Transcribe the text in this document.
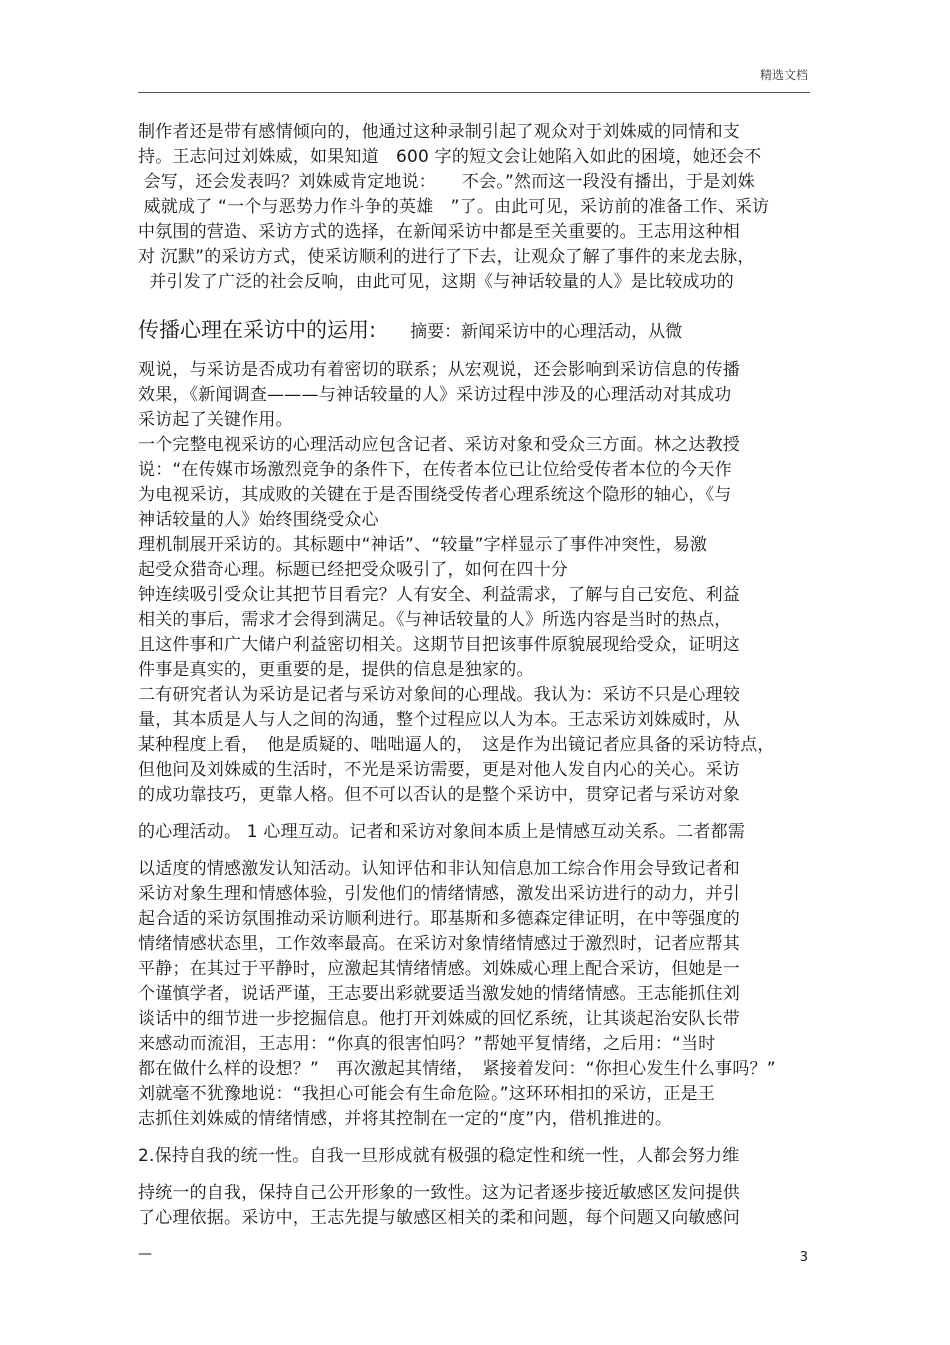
精选文档
制作者还是带有感情倾向的，他通过这种录制引起了观众对于刘姝威的同情和支
持。王志问过刘姝威，如果知道　600 字的短文会让她陷入如此的困境，她还会不
会写，还会发表吗？刘姝威肯定地说：　　不会。”然而这一段没有播出，于是刘姝
威就成了 “一个与恶势力作斗争的英雄　”了。由此可见，采访前的准备工作、采访
中氛围的营造、采访方式的选择，在新闻采访中都是至关重要的。王志用这种相
对 沉默”的采访方式，使采访顺利的进行了下去，让观众了解了事件的来龙去脉，
并引发了广泛的社会反响，由此可见，这期《与神话较量的人》是比较成功的
传播心理在采访中的运用:　　摘要：新闻采访中的心理活动，从微
观说，与采访是否成功有着密切的联系；从宏观说，还会影响到采访信息的传播
效果，《新闻调查———与神话较量的人》采访过程中涉及的心理活动对其成功
采访起了关键作用。
一个完整电视采访的心理活动应包含记者、采访对象和受众三方面。林之达教授
说：“在传媒市场激烈竞争的条件下，在传者本位已让位给受传者本位的今天作
为电视采访，其成败的关键在于是否围绕受传者心理系统这个隐形的轴心，《与
神话较量的人》始终围绕受众心
理机制展开采访的。其标题中“神话”、“较量”字样显示了事件冲突性，易激
起受众猎奇心理。标题已经把受众吸引了，如何在四十分
钟连续吸引受众让其把节目看完？人有安全、利益需求，了解与自己安危、利益
相关的事后，需求才会得到满足。《与神话较量的人》所选内容是当时的热点，
且这件事和广大储户利益密切相关。这期节目把该事件原貌展现给受众，证明这
件事是真实的，更重要的是，提供的信息是独家的。
二有研究者认为采访是记者与采访对象间的心理战。我认为：采访不只是心理较
量，其本质是人与人之间的沟通，整个过程应以人为本。王志采访刘姝威时，从
某种程度上看，　他是质疑的、咄咄逼人的，　这是作为出镜记者应具备的采访特点，
但他问及刘姝威的生活时，不光是采访需要，更是对他人发自内心的关心。采访
的成功靠技巧，更靠人格。但不可以否认的是整个采访中，贯穿记者与采访对象
的心理活动。 1 心理互动。记者和采访对象间本质上是情感互动关系。二者都需
以适度的情感激发认知活动。认知评估和非认知信息加工综合作用会导致记者和
采访对象生理和情感体验，引发他们的情绪情感，激发出采访进行的动力，并引
起合适的采访氛围推动采访顺利进行。耶基斯和多德森定律证明，在中等强度的
情绪情感状态里，工作效率最高。在采访对象情绪情感过于激烈时，记者应帮其
平静；在其过于平静时，应激起其情绪情感。刘姝威心理上配合采访，但她是一
个谨慎学者，说话严谨，王志要出彩就要适当激发她的情绪情感。王志能抓住刘
谈话中的细节进一步挖掘信息。他打开刘姝威的回忆系统，让其谈起治安队长带
来感动而流泪，王志用：“你真的很害怕吗？”帮她平复情绪，之后用：“当时
都在做什么样的设想？”　再次激起其情绪，　紧接着发问：“你担心发生什么事吗？”
刘就毫不犹豫地说：“我担心可能会有生命危险。”这环环相扣的采访，正是王
志抓住刘姝威的情绪情感，并将其控制在一定的“度”内，借机推进的。
2.保持自我的统一性。自我一旦形成就有极强的稳定性和统一性，人都会努力维
持统一的自我，保持自己公开形象的一致性。这为记者逐步接近敏感区发问提供
了心理依据。采访中，王志先提与敏感区相关的柔和问题，每个问题又向敏感问
—	3
